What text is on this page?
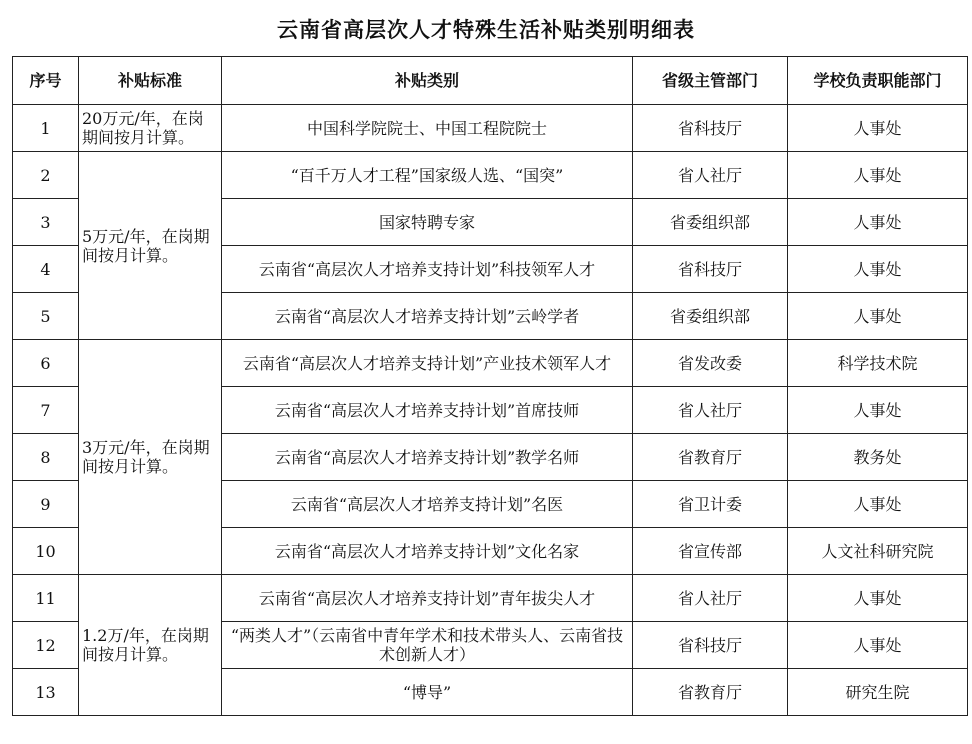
云南省高层次人才特殊生活补贴类别明细表
序号	补贴标准	补贴类别	省级主管部门	学校负责职能部门
1	20万元/年，在岗期间按月计算。	中国科学院院士、中国工程院院士	省科技厅	人事处
2	5万元/年，在岗期间按月计算。	“百千万人才工程”国家级人选、“国突”	省人社厅	人事处
3		国家特聘专家	省委组织部	人事处
4		云南省“高层次人才培养支持计划”科技领军人才	省科技厅	人事处
5		云南省“高层次人才培养支持计划”云岭学者	省委组织部	人事处
6	3万元/年，在岗期间按月计算。	云南省“高层次人才培养支持计划”产业技术领军人才	省发改委	科学技术院
7		云南省“高层次人才培养支持计划”首席技师	省人社厅	人事处
8		云南省“高层次人才培养支持计划”教学名师	省教育厅	教务处
9		云南省“高层次人才培养支持计划”名医	省卫计委	人事处
10		云南省“高层次人才培养支持计划”文化名家	省宣传部	人文社科研究院
11	1.2万/年，在岗期间按月计算。	云南省“高层次人才培养支持计划”青年拔尖人才	省人社厅	人事处
12		“两类人才”（云南省中青年学术和技术带头人、云南省技术创新人才）	省科技厅	人事处
13		“博导”	省教育厅	研究生院
